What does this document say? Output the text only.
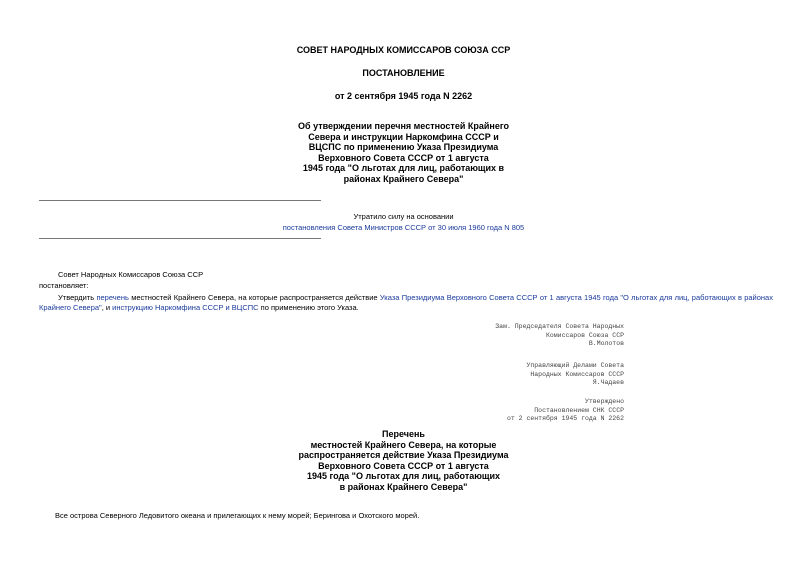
СОВЕТ НАРОДНЫХ КОМИССАРОВ СОЮЗА ССР
ПОСТАНОВЛЕНИЕ
от 2 сентября 1945 года N 2262
Об утверждении перечня местностей Крайнего
Севера и инструкции Наркомфина СССР и
ВЦСПС по применению Указа Президиума
Верховного Совета СССР от 1 августа
1945 года "О льготах для лиц, работающих в
районах Крайнего Севера"
Утратило силу на основании
постановления Совета Министров СССР от 30 июля 1960 года N 805
Совет Народных Комиссаров Союза ССР
постановляет:
Утвердить перечень местностей Крайнего Севера, на которые распространяется действие Указа Президиума Верховного Совета СССР от 1 августа 1945 года "О льготах для лиц, работающих в районах
Крайнего Севера", и инструкцию Наркомфина СССР и ВЦСПС по применению этого Указа.
Зам. Председателя Совета Народных
Комиссаров Союза ССР
В.Молотов
Управляющий Делами Совета
Народных Комиссаров СССР
Я.Чадаев
Утверждено
Постановлением СНК СССР
от 2 сентября 1945 года N 2262
Перечень
местностей Крайнего Севера, на которые
распространяется действие Указа Президиума
Верховного Совета СССР от 1 августа
1945 года "О льготах для лиц, работающих
в районах Крайнего Севера"
Все острова Северного Ледовитого океана и прилегающих к нему морей; Берингова и Охотского морей.
